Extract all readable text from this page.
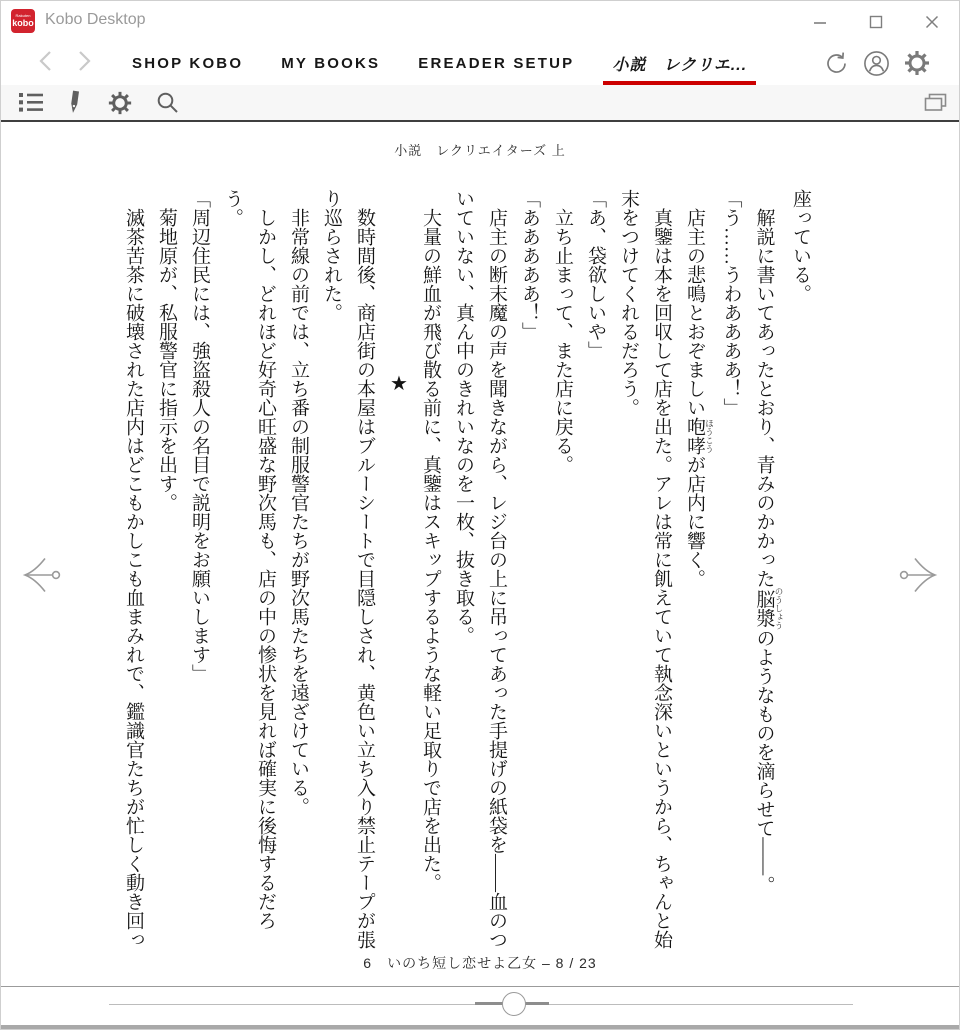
Rakuten
kobo Kobo Desktop
SHOP KOBO	MY BOOKS	EREADER SETUP 小説　レクリエ...
小説　レクリエイターズ 上

座っている。

解説に書いてあったとおり、青みのかかった脳漿 のうしょうのようなものを滴らせて――。

「う……うわああああ！」

店主の悲鳴とおぞましい咆哮 ほうこうが店内に響く。

真鑒は本を回収して店を出た。アレは常に飢えていて執念深いというから、ちゃんと始

末をつけてくれるだろう。

「あ、袋欲しいや」

立ち止まって、また店に戻る。

「あああああ！」

店主の断末魔の声を聞きながら、レジ台の上に吊ってあった手提げの紙袋を――血のつ

いていない、真ん中のきれいなのを一枚、抜き取る。

大量の鮮血が飛び散る前に、真鑒はスキップするような軽い足取りで店を出た。

★

数時間後、商店街の本屋はブルーシートで目隠しされ、黄色い立ち入り禁止テープが張

り巡らされた。

非常線の前では、立ち番の制服警官たちが野次馬たちを遠ざけている。

しかし、どれほど好奇心旺盛な野次馬も、店の中の惨状を見れば確実に後悔するだろ

う。

「周辺住民には、強盗殺人の名目で説明をお願いします」

菊地原が、私服警官に指示を出す。

滅茶苦茶に破壊された店内はどこもかしこも血まみれで、鑑識官たちが忙しく動き回っ

6　いのち短し恋せよ乙女 – 8 / 23
